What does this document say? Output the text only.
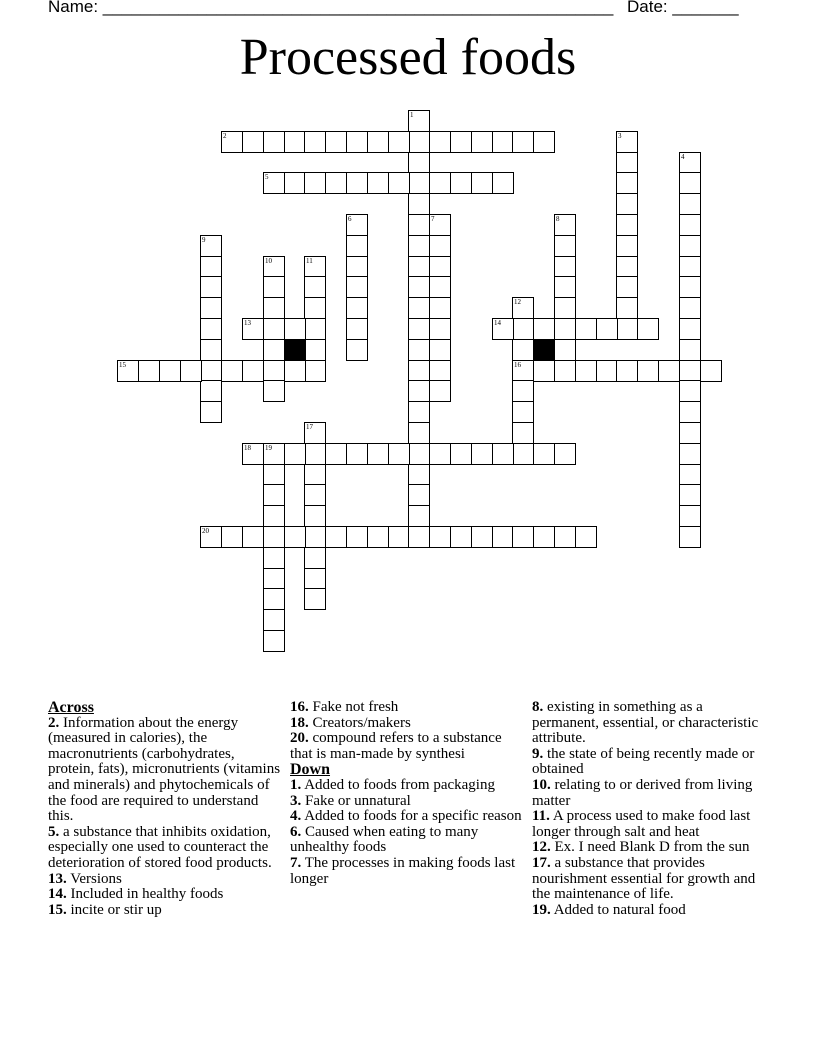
Name: ______________________________________________________ Date: _______
Processed foods
1
2	3
4
5
6	7	8
9
10	11
12
16
13	14
15
17
18 19
20
Across
2. Information about the energy (measured in calories), the macronutrients (carbohydrates, protein, fats), micronutrients (vitamins and minerals) and phytochemicals of the food are required to understand this.
5. a substance that inhibits oxidation, especially one used to counteract the deterioration of stored food products.
13. Versions
14. Included in healthy foods
15. incite or stir up
16. Fake not fresh
18. Creators/makers
20. compound refers to a substance that is man-made by synthesi
Down
1. Added to foods from packaging
3. Fake or unnatural
4. Added to foods for a specific reason
6. Caused when eating to many unhealthy foods
7. The processes in making foods last longer
8. existing in something as a permanent, essential, or characteristic attribute.
9. the state of being recently made or obtained
10. relating to or derived from living matter
11. A process used to make food last longer through salt and heat
12. Ex. I need Blank D from the sun
17. a substance that provides nourishment essential for growth and the maintenance of life.
19. Added to natural food
